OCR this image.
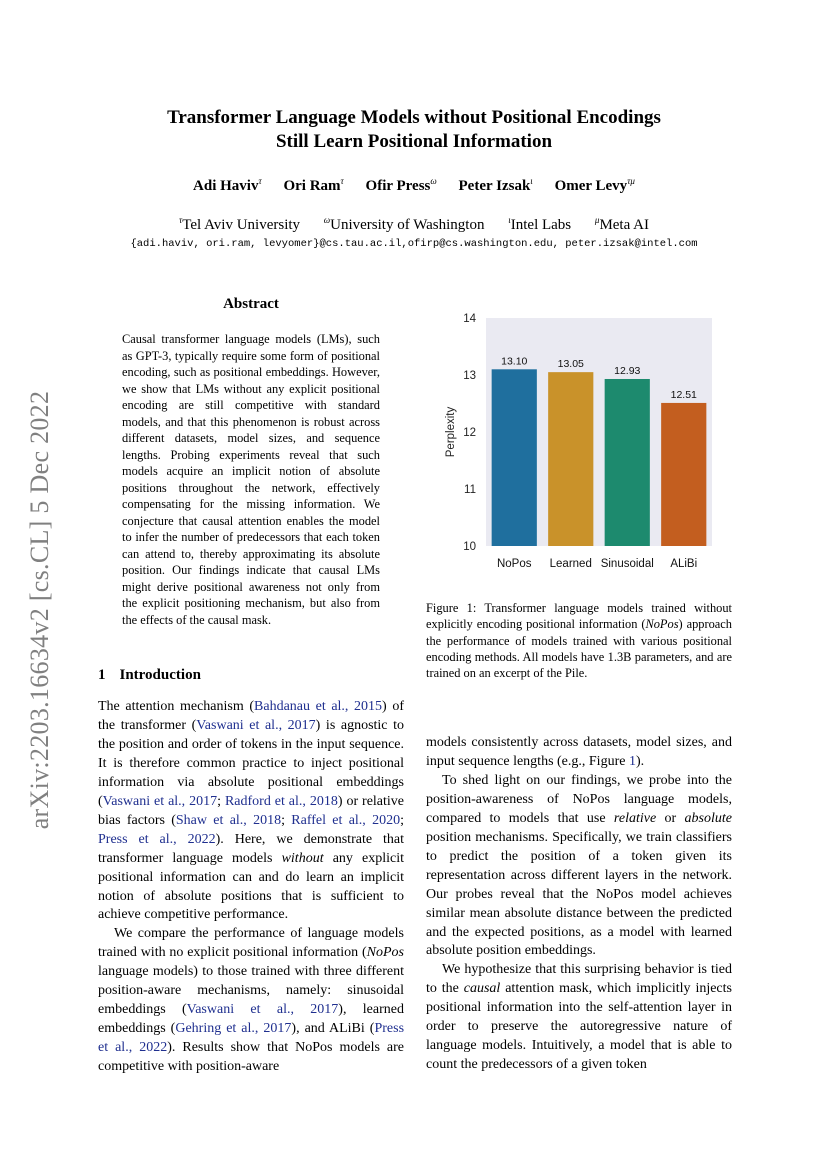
arXiv:2203.16634v2 [cs.CL] 5 Dec 2022
Transformer Language Models without Positional Encodings
Still Learn Positional Information
Adi Haviv$^\tau$ Ori Ram$^\tau$ Ofir Press$^\omega$ Peter Izsak$^\iota$ Omer Levy$^{\tau\mu}$
$^\tau$Tel Aviv University	$^\omega$University of Washington	$^\iota$Intel Labs	$^\mu$Meta AI
{adi.haviv, ori.ram, levyomer}@cs.tau.ac.il,ofirp@cs.washington.edu, peter.izsak@intel.com
Abstract
Causal transformer language models (LMs), such as GPT-3, typically require some form of positional encoding, such as positional embeddings. However, we show that LMs without any explicit positional encoding are still competitive with standard models, and that this phenomenon is robust across different datasets, model sizes, and sequence lengths. Probing experiments reveal that such models acquire an implicit notion of absolute positions throughout the network, effectively compensating for the missing information. We conjecture that causal attention enables the model to infer the number of predecessors that each token can attend to, thereby approximating its absolute position. Our findings indicate that causal LMs might derive positional awareness not only from the explicit positioning mechanism, but also from the effects of the causal mask.
1 Introduction

The attention mechanism (Bahdanau et al., 2015) of the transformer (Vaswani et al., 2017) is agnostic to the position and order of tokens in the input sequence. It is therefore common practice to inject positional information via absolute positional embeddings (Vaswani et al., 2017; Radford et al., 2018) or relative bias factors (Shaw et al., 2018; Raffel et al., 2020; Press et al., 2022). Here, we demonstrate that transformer language models without any explicit positional information can and do learn an implicit notion of absolute positions that is sufficient to achieve competitive performance.

We compare the performance of language models trained with no explicit positional information (NoPos language models) to those trained with three different position-aware mechanisms, namely: sinusoidal embeddings (Vaswani et al., 2017), learned embeddings (Gehring et al., 2017), and ALiBi (Press et al., 2022). Results show that NoPos models are competitive with position-aware

10
11
12
13
14
Perplexity
13.10
NoPos
13.05
Learned
12.93
Sinusoidal
12.51
ALiBi
Figure 1: Transformer language models trained without explicitly encoding positional information (NoPos) approach the performance of models trained with various positional encoding methods. All models have 1.3B parameters, and are trained on an excerpt of the Pile.

models consistently across datasets, model sizes, and input sequence lengths (e.g., Figure 1).

To shed light on our findings, we probe into the position-awareness of NoPos language models, compared to models that use relative or absolute position mechanisms. Specifically, we train classifiers to predict the position of a token given its representation across different layers in the network. Our probes reveal that the NoPos model achieves similar mean absolute distance between the predicted and the expected positions, as a model with learned absolute position embeddings.

We hypothesize that this surprising behavior is tied to the causal attention mask, which implicitly injects positional information into the self-attention layer in order to preserve the autoregressive nature of language models. Intuitively, a model that is able to count the predecessors of a given token
